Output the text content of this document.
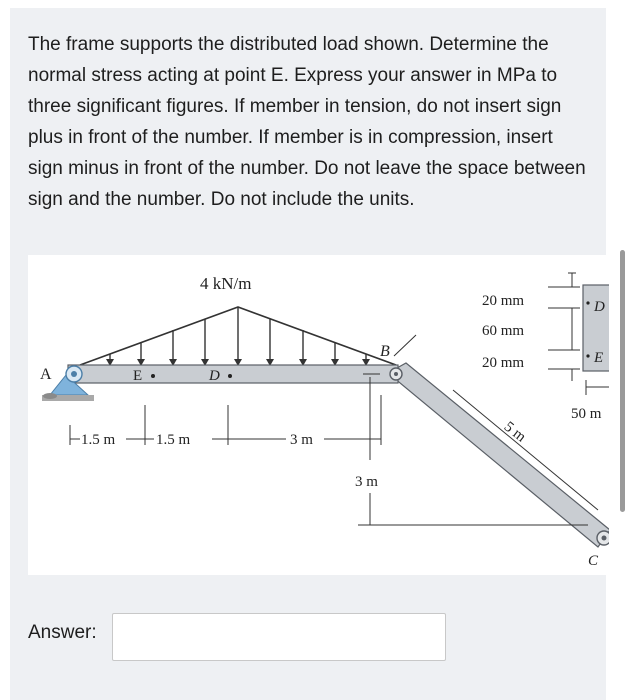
The frame supports the distributed load shown. Determine the normal stress acting at point E. Express your answer in MPa to three significant figures. If member in tension, do not insert sign plus in front of the number. If member is in compression, insert sign minus in front of the number. Do not leave the space between sign and the number. Do not include the units.

4 kN/m
A	E	D
B
1.5 m	1.5 m	3 m
3 m
5 m
C
D
E
20 mm
60 mm
20 mm
50 m
Answer:
